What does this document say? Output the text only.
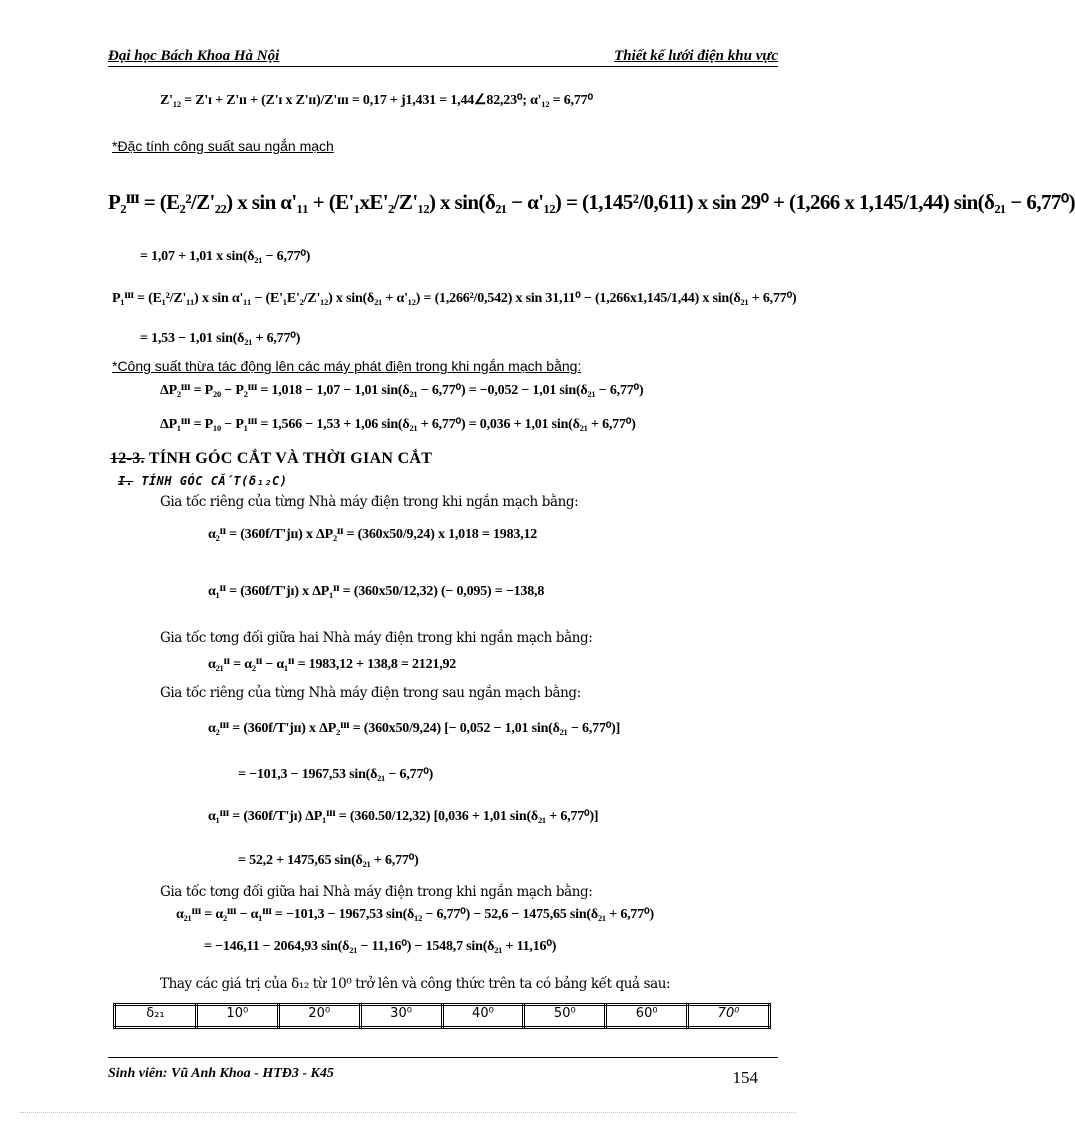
Đại học Bách Khoa Hà Nội	Thiết kế lưới điện khu vực
Z'₁₂ = Z'ɪ + Z'ɪɪ + (Z'ɪ x Z'ɪɪ)/Z'ɪɪɪ = 0,17 + j1,431 = 1,44∠82,23⁰; α'₁₂ = 6,77⁰
*Đặc tính công suất sau ngắn mạch
P₂ᴵᴵᴵ = (E₂²/Z'₂₂) x sin α'₁₁ + (E'₁xE'₂/Z'₁₂) x sin(δ₂₁ − α'₁₂) = (1,145²/0,611) x sin 29⁰ + (1,266 x 1,145/1,44) sin(δ₂₁ − 6,77⁰)
= 1,07 + 1,01 x sin(δ₂₁ − 6,77⁰)
P₁ᴵᴵᴵ = (E₁²/Z'₁₁) x sin α'₁₁ − (E'₁E'₂/Z'₁₂) x sin(δ₂₁ + α'₁₂) = (1,266²/0,542) x sin 31,11⁰ − (1,266x1,145/1,44) x sin(δ₂₁ + 6,77⁰)
= 1,53 − 1,01 sin(δ₂₁ + 6,77⁰)
*Công suất thừa tác động lên các máy phát điện trong khi ngắn mạch bằng:
ΔP₂ᴵᴵᴵ = P₂₀ − P₂ᴵᴵᴵ = 1,018 − 1,07 − 1,01 sin(δ₂₁ − 6,77⁰) = −0,052 − 1,01 sin(δ₂₁ − 6,77⁰)
ΔP₁ᴵᴵᴵ = P₁₀ − P₁ᴵᴵᴵ = 1,566 − 1,53 + 1,06 sin(δ₂₁ + 6,77⁰) = 0,036 + 1,01 sin(δ₂₁ + 6,77⁰)
12-3. TÍNH GÓC CẮT VÀ THỜI GIAN CẮT
I. TÍNH GÓC CẮT(δ₁₂C)
Gia tốc riêng của từng Nhà máy điện trong khi ngắn mạch bằng:
α₂ᴵᴵ = (360f/T'jɪɪ) x ΔP₂ᴵᴵ = (360x50/9,24) x 1,018 = 1983,12
α₁ᴵᴵ = (360f/T'jɪ) x ΔP₁ᴵᴵ = (360x50/12,32) (− 0,095) = −138,8
Gia tốc tơng đối giữa hai Nhà máy điện trong khi ngắn mạch bằng:
α₂₁ᴵᴵ = α₂ᴵᴵ − α₁ᴵᴵ = 1983,12 + 138,8 = 2121,92
Gia tốc riêng của từng Nhà máy điện trong sau ngắn mạch bằng:
α₂ᴵᴵᴵ = (360f/T'jɪɪ) x ΔP₂ᴵᴵᴵ = (360x50/9,24) [− 0,052 − 1,01 sin(δ₂₁ − 6,77⁰)]
= −101,3 − 1967,53 sin(δ₂₁ − 6,77⁰)
α₁ᴵᴵᴵ = (360f/T'jɪ) ΔP₁ᴵᴵᴵ = (360.50/12,32) [0,036 + 1,01 sin(δ₂₁ + 6,77⁰)]
= 52,2 + 1475,65 sin(δ₂₁ + 6,77⁰)
Gia tốc tơng đối giữa hai Nhà máy điện trong khi ngắn mạch bằng:
α₂₁ᴵᴵᴵ = α₂ᴵᴵᴵ − α₁ᴵᴵᴵ = −101,3 − 1967,53 sin(δ₁₂ − 6,77⁰) − 52,6 − 1475,65 sin(δ₂₁ + 6,77⁰)
= −146,11 − 2064,93 sin(δ₂₁ − 11,16⁰) − 1548,7 sin(δ₂₁ + 11,16⁰)
Thay các giá trị của δ₁₂ từ 10⁰ trở lên và công thức trên ta có bảng kết quả sau:
δ₂₁	10⁰	20⁰	30⁰	40⁰	50⁰	60⁰	70⁰
Sinh viên: Vũ Anh Khoa - HTĐ3 - K45	154
